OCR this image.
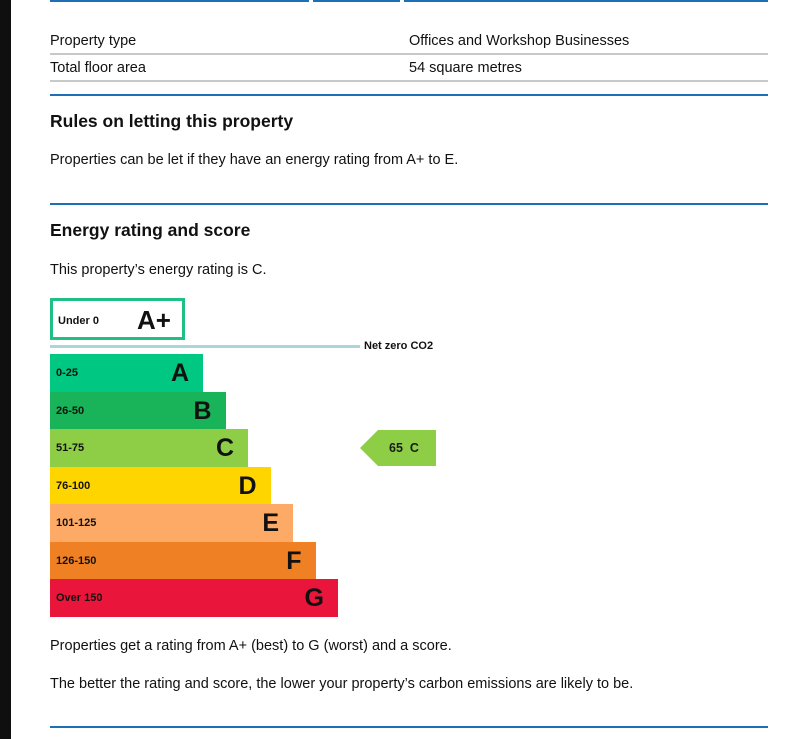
Property type	Offices and Workshop Businesses
Total floor area	54 square metres
Rules on letting this property

Properties can be let if they have an energy rating from A+ to E.

Energy rating and score

This property’s energy rating is C.

Under 0 A+
Net zero CO2
65 C
0-25	A
26-50	B
51-75	C
76-100	D
101-125	E
126-150	F
Over 150	G

Properties get a rating from A+ (best) to G (worst) and a score.

The better the rating and score, the lower your property’s carbon emissions are likely to be.
